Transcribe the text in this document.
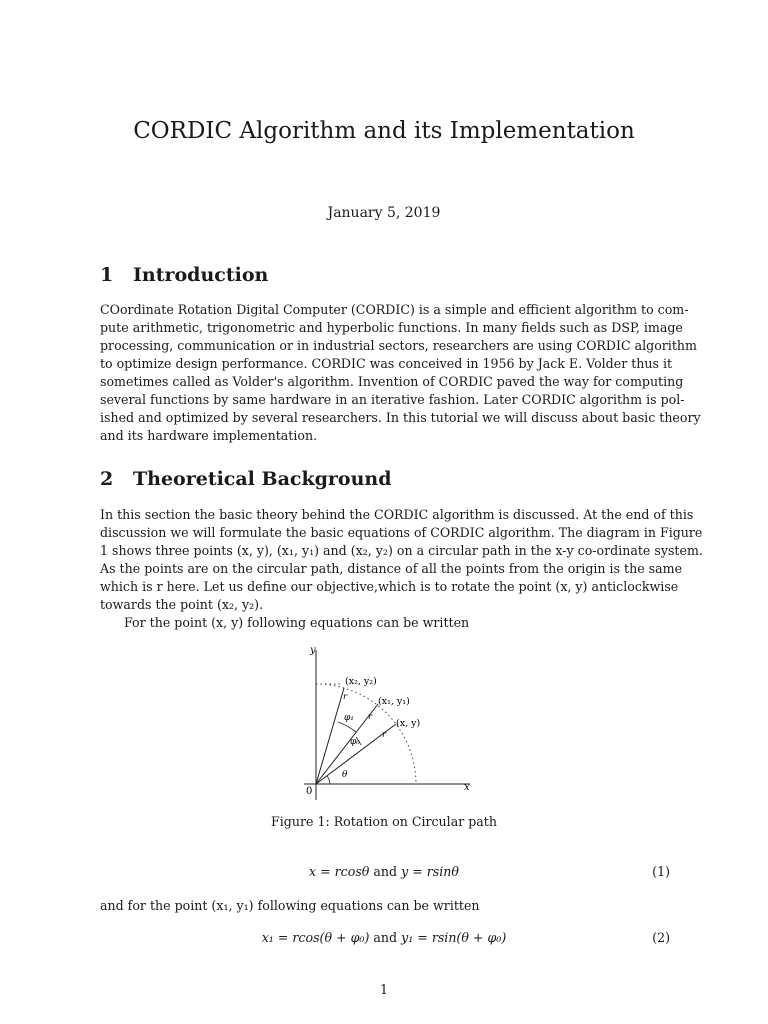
CORDIC Algorithm and its Implementation
January 5, 2019
1 Introduction

COordinate Rotation Digital Computer (CORDIC) is a simple and efficient algorithm to com-
pute arithmetic, trigonometric and hyperbolic functions. In many fields such as DSP, image
processing, communication or in industrial sectors, researchers are using CORDIC algorithm
to optimize design performance. CORDIC was conceived in 1956 by Jack E. Volder thus it
sometimes called as Volder's algorithm. Invention of CORDIC paved the way for computing
several functions by same hardware in an iterative fashion. Later CORDIC algorithm is pol-
ished and optimized by several researchers. In this tutorial we will discuss about basic theory
and its hardware implementation.

2 Theoretical Background

In this section the basic theory behind the CORDIC algorithm is discussed. At the end of this
discussion we will formulate the basic equations of CORDIC algorithm. The diagram in Figure
1 shows three points (x, y), (x₁, y₁) and (x₂, y₂) on a circular path in the x-y co-ordinate system.
As the points are on the circular path, distance of all the points from the origin is the same
which is r here. Let us define our objective,which is to rotate the point (x, y) anticlockwise
towards the point (x₂, y₂).
For the point (x, y) following equations can be written

y
x
0
(x₂, y₂)
(x₁, y₁)
(x, y)
r
r
r
φ₁
φ₀
θ
Figure 1: Rotation on Circular path
x = rcosθ and y = rsinθ	(1)
and for the point (x₁, y₁) following equations can be written
x₁ = rcos(θ + φ₀) and y₁ = rsin(θ + φ₀)	(2)
1
